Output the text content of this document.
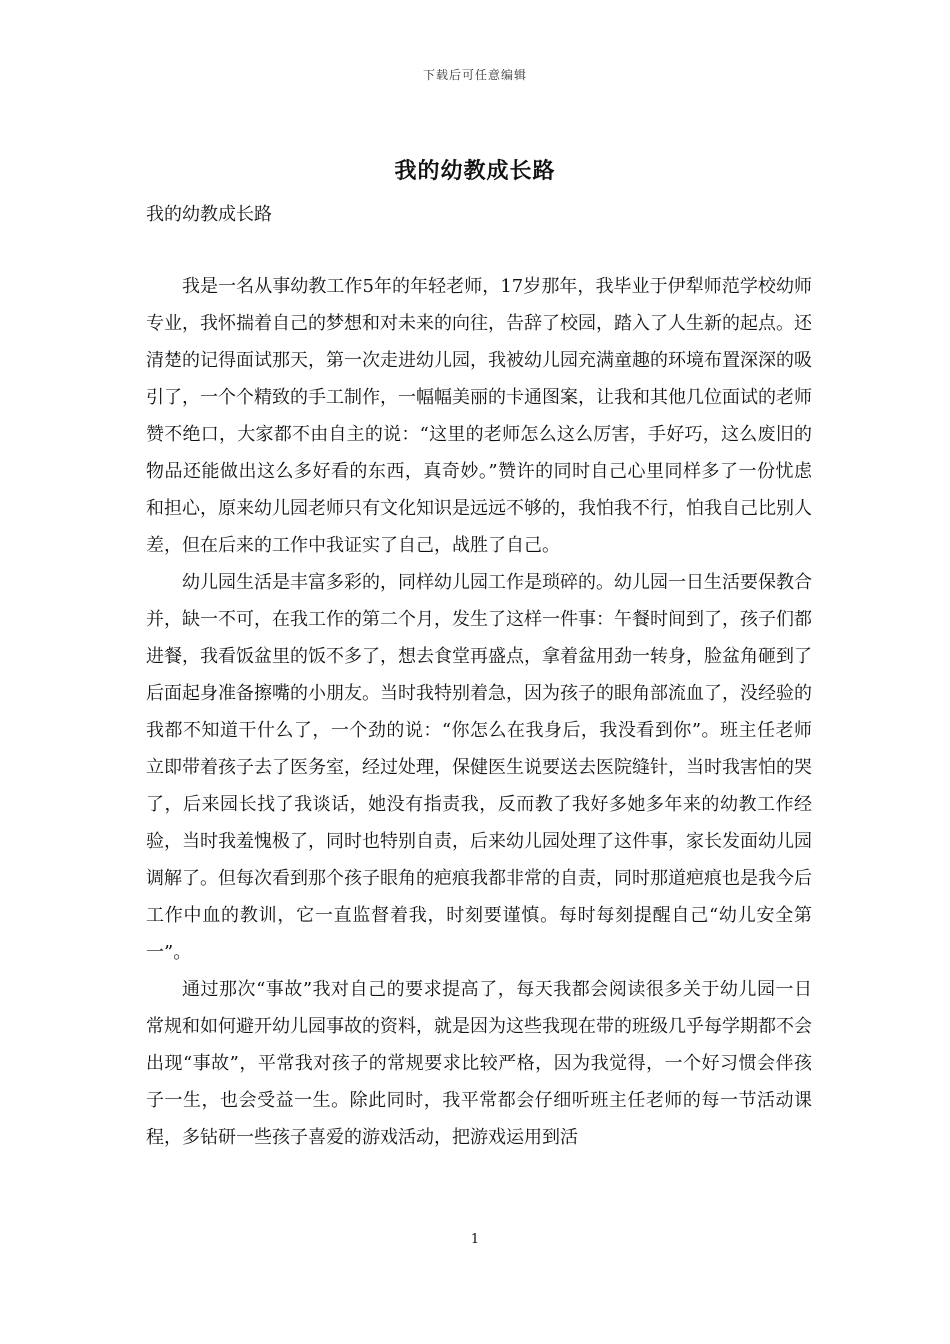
下载后可任意编辑
我的幼教成长路
我的幼教成长路

我是一名从事幼教工作5年的年轻老师，17岁那年，我毕业于伊犁师范学校幼师专业，我怀揣着自己的梦想和对未来的向往，告辞了校园，踏入了人生新的起点。还清楚的记得面试那天，第一次走进幼儿园，我被幼儿园充满童趣的环境布置深深的吸引了，一个个精致的手工制作，一幅幅美丽的卡通图案，让我和其他几位面试的老师赞不绝口，大家都不由自主的说：“这里的老师怎么这么厉害，手好巧，这么废旧的物品还能做出这么多好看的东西，真奇妙。”赞许的同时自己心里同样多了一份忧虑和担心，原来幼儿园老师只有文化知识是远远不够的，我怕我不行，怕我自己比别人差，但在后来的工作中我证实了自己，战胜了自己。

幼儿园生活是丰富多彩的，同样幼儿园工作是琐碎的。幼儿园一日生活要保教合并，缺一不可，在我工作的第二个月，发生了这样一件事：午餐时间到了，孩子们都进餐，我看饭盆里的饭不多了，想去食堂再盛点，拿着盆用劲一转身，脸盆角砸到了后面起身准备擦嘴的小朋友。当时我特别着急，因为孩子的眼角部流血了，没经验的我都不知道干什么了，一个劲的说：“你怎么在我身后，我没看到你”。班主任老师立即带着孩子去了医务室，经过处理，保健医生说要送去医院缝针，当时我害怕的哭了，后来园长找了我谈话，她没有指责我，反而教了我好多她多年来的幼教工作经验，当时我羞愧极了，同时也特别自责，后来幼儿园处理了这件事，家长发面幼儿园调解了。但每次看到那个孩子眼角的疤痕我都非常的自责，同时那道疤痕也是我今后工作中血的教训，它一直监督着我，时刻要谨慎。每时每刻提醒自己“幼儿安全第一”。

通过那次“事故”我对自己的要求提高了，每天我都会阅读很多关于幼儿园一日常规和如何避开幼儿园事故的资料，就是因为这些我现在带的班级几乎每学期都不会出现“事故”，平常我对孩子的常规要求比较严格，因为我觉得，一个好习惯会伴孩子一生，也会受益一生。除此同时，我平常都会仔细听班主任老师的每一节活动课程，多钻研一些孩子喜爱的游戏活动，把游戏运用到活

1
